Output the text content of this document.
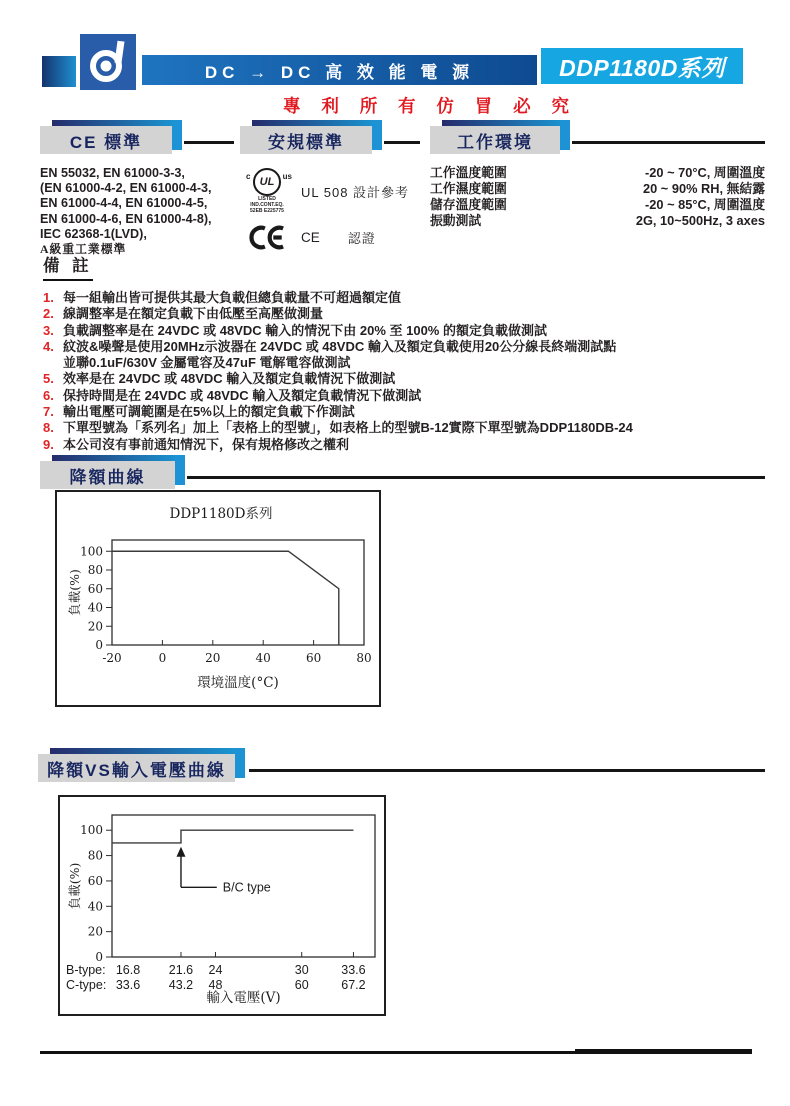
DC → DC 高 效 能 電 源	DDP1180D系列
專 利 所 有 仿 冒 必 究
CE 標準	安規標準	工作環境
EN 55032, EN 61000-3-3,
(EN 61000-4-2, EN 61000-4-3,
EN 61000-4-4, EN 61000-4-5,
EN 61000-4-6, EN 61000-4-8),
IEC 62368-1(LVD),
A級重工業標準
c UL us
LISTED
IND.CONT.EQ.
52EB E225775
UL 508 設計參考
CE 認證
工作溫度範圍	-20 ~ 70°C, 周圍溫度
工作濕度範圍	20 ~ 90% RH, 無結露
儲存溫度範圍	-20 ~ 85°C, 周圍溫度
振動測試	2G, 10~500Hz, 3 axes
備 註
1. 每一組輸出皆可提供其最大負載但總負載量不可超過額定值
2. 線調整率是在額定負載下由低壓至高壓做測量
3. 負載調整率是在 24VDC 或 48VDC 輸入的情況下由 20% 至 100% 的額定負載做測試
4. 紋波&噪聲是使用20MHz示波器在 24VDC 或 48VDC 輸入及額定負載使用20公分線長終端測試點
並聯0.1uF/630V 金屬電容及47uF 電解電容做測試
5. 效率是在 24VDC 或 48VDC 輸入及額定負載情況下做測試
6. 保持時間是在 24VDC 或 48VDC 輸入及額定負載情況下做測試
7. 輸出電壓可調範圍是在5%以上的額定負載下作測試
8. 下單型號為「系列名」加上「表格上的型號」，如表格上的型號B-12實際下單型號為DDP1180DB-24
9. 本公司沒有事前通知情況下，保有規格修改之權利
降額曲線
0
20
40
60
80
100
-20	0	20	40	60	80
DDP1180D系列
環境溫度(°C)
負載(%)
降額VS輸入電壓曲線
0
20
40
60
80
100
B-type: 16.8 21.6 24	30	33.6
C-type: 33.6 43.2 48	60	67.2
輸入電壓(V)
負載(%)	B/C type
